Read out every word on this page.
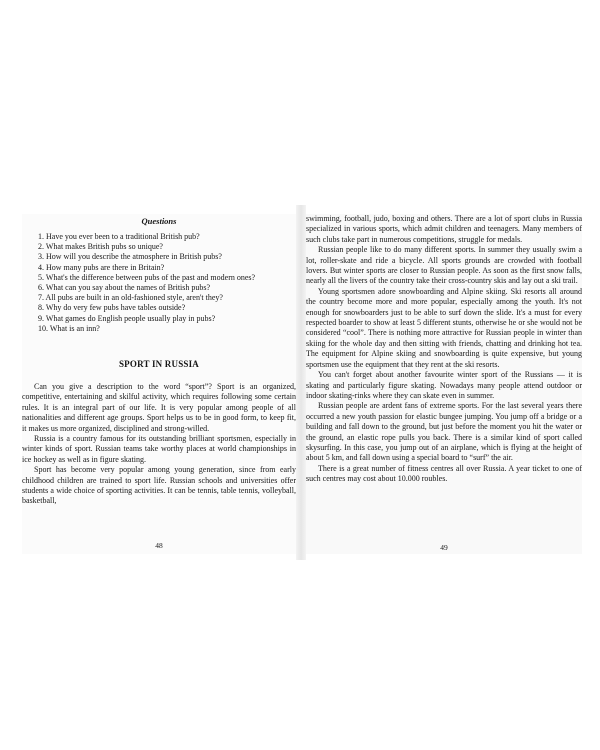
Questions
1. Have you ever been to a traditional British pub?
2. What makes British pubs so unique?
3. How will you describe the atmosphere in British pubs?
4. How many pubs are there in Britain?
5. What's the difference between pubs of the past and modern ones?
6. What can you say about the names of British pubs?
7. All pubs are built in an old-fashioned style, aren't they?
8. Why do very few pubs have tables outside?
9. What games do English people usually play in pubs?
10. What is an inn?
SPORT IN RUSSIA

Can you give a description to the word “sport”? Sport is an organized, competitive, entertaining and skilful activity, which requires following some certain rules. It is an integral part of our life. It is very popular among people of all nationalities and different age groups. Sport helps us to be in good form, to keep fit, it makes us more organized, disciplined and strong-willed.

Russia is a country famous for its outstanding brilliant sportsmen, especially in winter kinds of sport. Russian teams take worthy places at world championships in ice hockey as well as in figure skating.

Sport has become very popular among young generation, since from early childhood children are trained to sport life. Russian schools and universities offer students a wide choice of sporting activities. It can be tennis, table tennis, volleyball, basketball,

48

swimming, football, judo, boxing and others. There are a lot of sport clubs in Russia specialized in various sports, which admit children and teenagers. Many members of such clubs take part in numerous competitions, struggle for medals.

Russian people like to do many different sports. In summer they usually swim a lot, roller-skate and ride a bicycle. All sports grounds are crowded with football lovers. But winter sports are closer to Russian people. As soon as the first snow falls, nearly all the livers of the country take their cross-country skis and lay out a ski trail.

Young sportsmen adore snowboarding and Alpine skiing. Ski resorts all around the country become more and more popular, especially among the youth. It's not enough for snowboarders just to be able to surf down the slide. It's a must for every respected boarder to show at least 5 different stunts, otherwise he or she would not be considered “cool”. There is nothing more attractive for Russian people in winter than skiing for the whole day and then sitting with friends, chatting and drinking hot tea. The equipment for Alpine skiing and snowboarding is quite expensive, but young sportsmen use the equipment that they rent at the ski resorts.

You can't forget about another favourite winter sport of the Russians — it is skating and particularly figure skating. Nowadays many people attend outdoor or indoor skating-rinks where they can skate even in summer.

Russian people are ardent fans of extreme sports. For the last several years there occurred a new youth passion for elastic bungee jumping. You jump off a bridge or a building and fall down to the ground, but just before the moment you hit the water or the ground, an elastic rope pulls you back. There is a similar kind of sport called skysurfing. In this case, you jump out of an airplane, which is flying at the height of about 5 km, and fall down using a special board to “surf” the air.

There is a great number of fitness centres all over Russia. A year ticket to one of such centres may cost about 10.000 roubles.

49
